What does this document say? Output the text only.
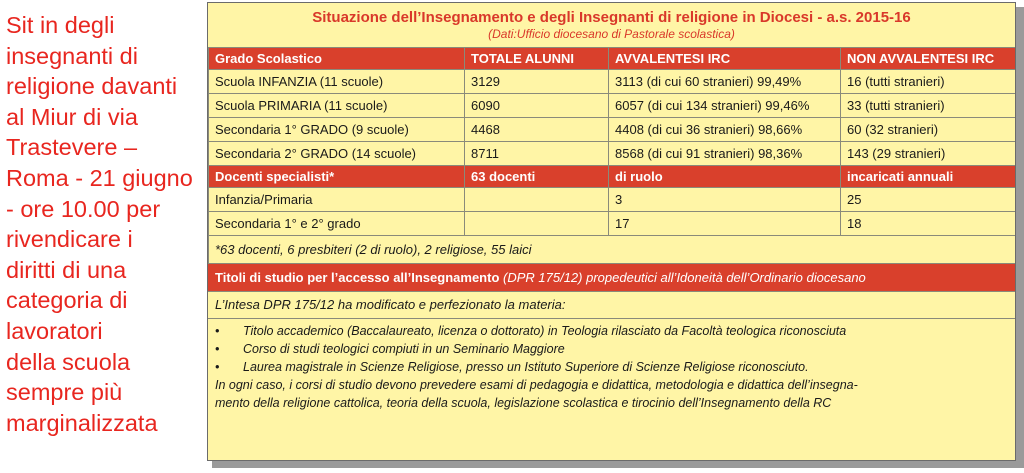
Sit in degli
insegnanti di
religione davanti
al Miur di via
Trastevere –
Roma - 21 giugno
- ore 10.00 per
rivendicare i
diritti di una
categoria di
lavoratori
della scuola
sempre più
marginalizzata
Situazione dell’Insegnamento e degli Insegnanti di religione in Diocesi - a.s. 2015-16
(Dati:Ufficio diocesano di Pastorale scolastica)
Grado Scolastico	TOTALE ALUNNI	AVVALENTESI IRC	NON AVVALENTESI IRC
Scuola INFANZIA (11 scuole)	3129	3113 (di cui 60 stranieri) 99,49%	16 (tutti stranieri)
Scuola PRIMARIA (11 scuole)	6090	6057 (di cui 134 stranieri) 99,46%	33 (tutti stranieri)
Secondaria 1° GRADO (9 scuole)	4468	4408 (di cui 36 stranieri) 98,66%	60 (32 stranieri)
Secondaria 2° GRADO (14 scuole)	8711	8568 (di cui 91 stranieri) 98,36%	143 (29 stranieri)
Docenti specialisti*	63 docenti	di ruolo	incaricati annuali
Infanzia/Primaria		3	25
Secondaria 1° e 2° grado		17	18
*63 docenti, 6 presbiteri (2 di ruolo), 2 religiose, 55 laici			
Titoli di studio per l’accesso all’Insegnamento (DPR 175/12) propedeutici all’Idoneità dell’Ordinario diocesano
L’Intesa DPR 175/12 ha modificato e perfezionato la materia:
• Titolo accademico (Baccalaureato, licenza o dottorato) in Teologia rilasciato da Facoltà teologica riconosciuta
• Corso di studi teologici compiuti in un Seminario Maggiore
• Laurea magistrale in Scienze Religiose, presso un Istituto Superiore di Scienze Religiose riconosciuto.
In ogni caso, i corsi di studio devono prevedere esami di pedagogia e didattica, metodologia e didattica dell’insegna-
mento della religione cattolica, teoria della scuola, legislazione scolastica e tirocinio dell’Insegnamento della RC
